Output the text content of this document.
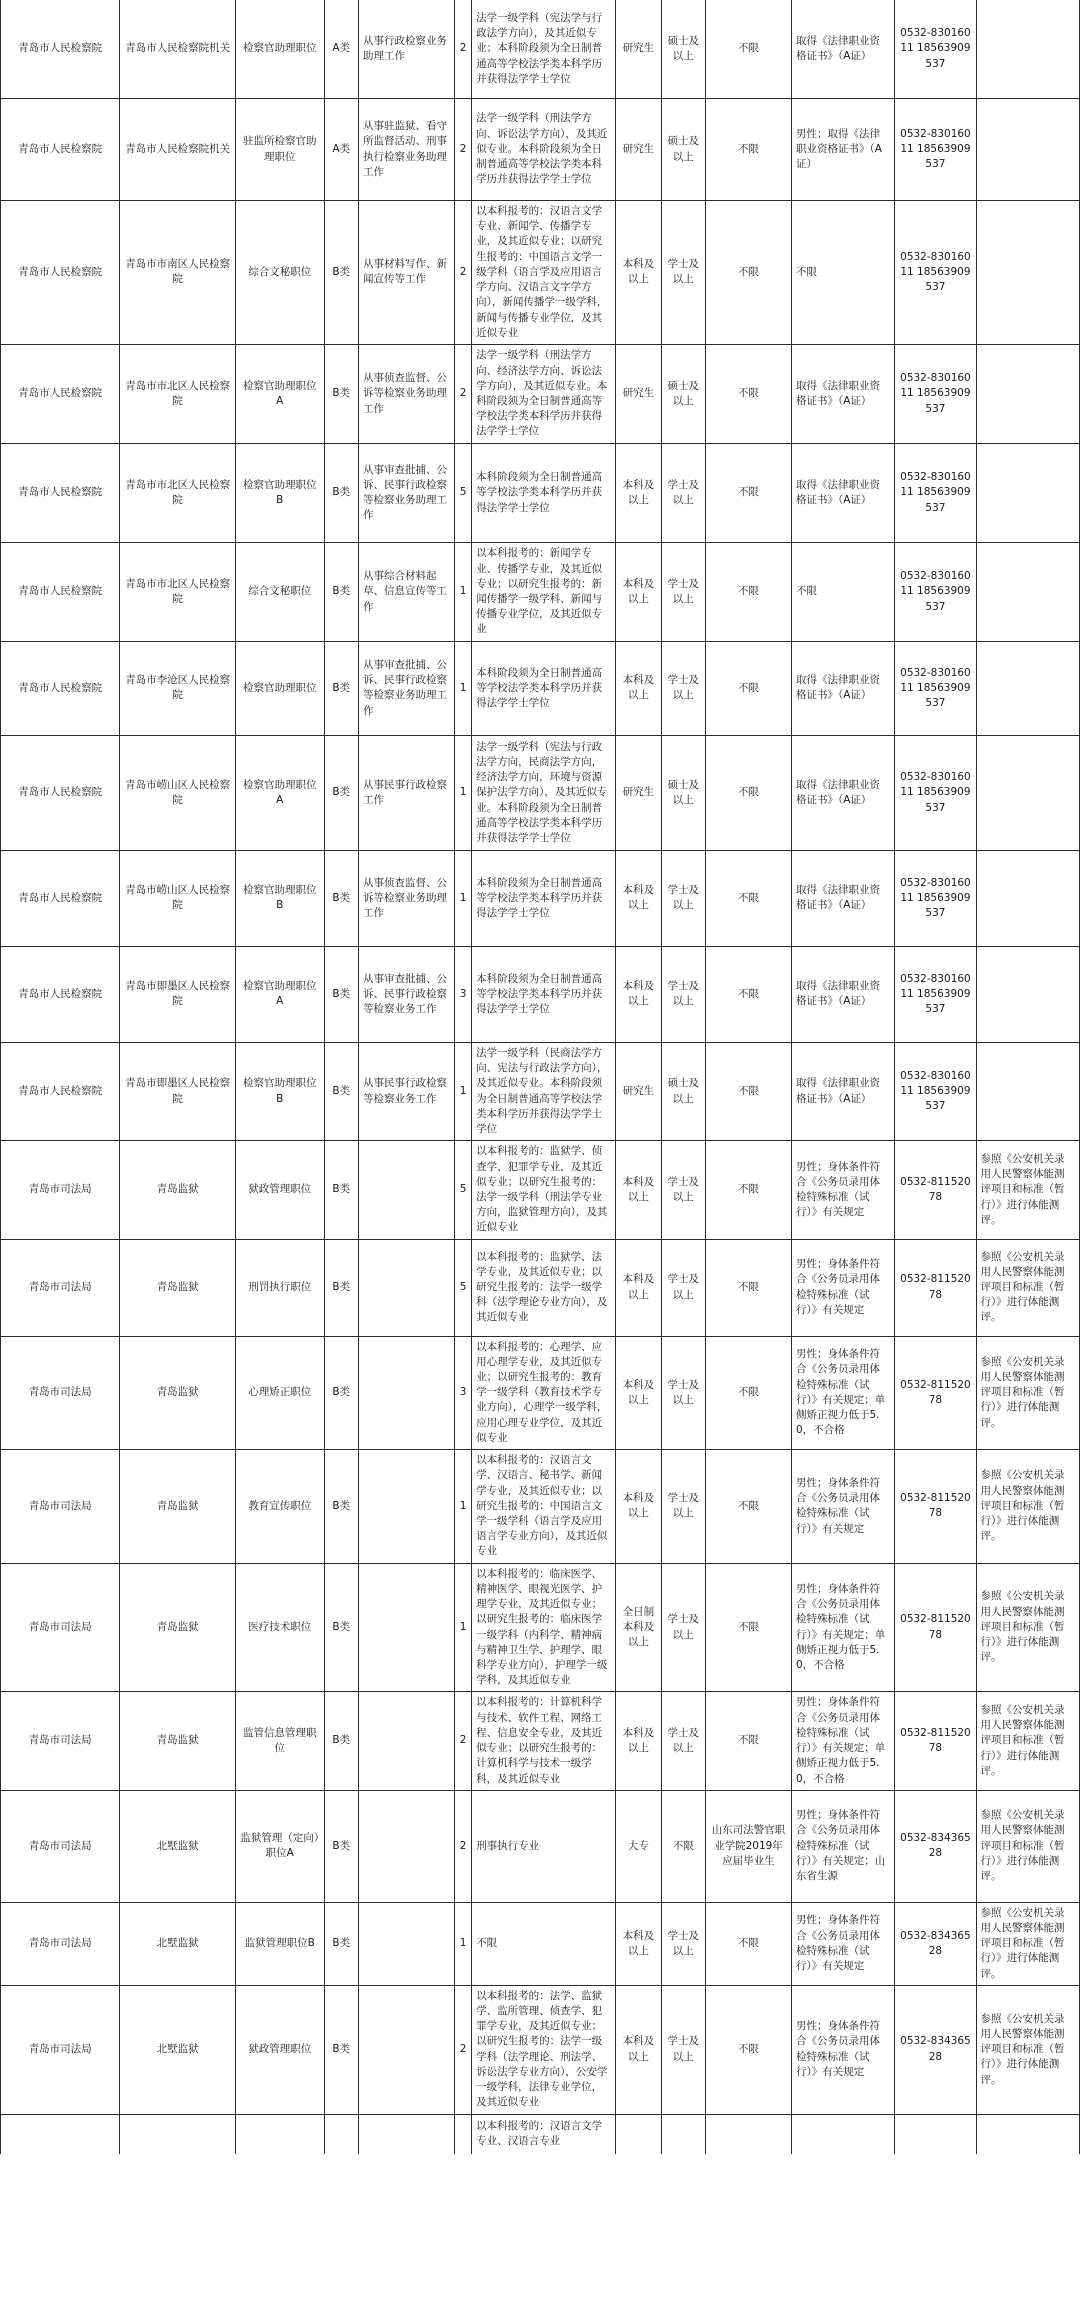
青岛市人民检察院	青岛市人民检察院机关	检察官助理职位	A类	从事行政检察业务助理工作	2	法学一级学科（宪法学与行政法学方向），及其近似专业；本科阶段须为全日制普通高等学校法学类本科学历并获得法学学士学位	研究生	硕士及以上	不限	取得《法律职业资格证书》（A证）	0532-83016011 18563909537	
青岛市人民检察院	青岛市人民检察院机关	驻监所检察官助理职位	A类	从事驻监狱、看守所监督活动、刑事执行检察业务助理工作	2	法学一级学科（刑法学方向、诉讼法学方向），及其近似专业。本科阶段须为全日制普通高等学校法学类本科学历并获得法学学士学位	研究生	硕士及以上	不限	男性；取得《法律职业资格证书》（A证）	0532-83016011 18563909537	
青岛市人民检察院	青岛市市南区人民检察院	综合文秘职位	B类	从事材料写作、新闻宣传等工作	2	以本科报考的：汉语言文学专业、新闻学、传播学专业，及其近似专业；以研究生报考的：中国语言文学一级学科（语言学及应用语言学方向、汉语言文字学方向），新闻传播学一级学科，新闻与传播专业学位，及其近似专业	本科及以上	学士及以上	不限	不限	0532-83016011 18563909537	
青岛市人民检察院	青岛市市北区人民检察院	检察官助理职位A	B类	从事侦查监督、公诉等检察业务助理工作	2	法学一级学科（刑法学方向、经济法学方向、诉讼法学方向），及其近似专业。本科阶段须为全日制普通高等学校法学类本科学历并获得法学学士学位	研究生	硕士及以上	不限	取得《法律职业资格证书》（A证）	0532-83016011 18563909537	
青岛市人民检察院	青岛市市北区人民检察院	检察官助理职位B	B类	从事审查批捕、公诉、民事行政检察等检察业务助理工作	5	本科阶段须为全日制普通高等学校法学类本科学历并获得法学学士学位	本科及以上	学士及以上	不限	取得《法律职业资格证书》（A证）	0532-83016011 18563909537	
青岛市人民检察院	青岛市市北区人民检察院	综合文秘职位	B类	从事综合材料起草、信息宣传等工作	1	以本科报考的：新闻学专业、传播学专业，及其近似专业；以研究生报考的：新闻传播学一级学科、新闻与传播专业学位，及其近似专业	本科及以上	学士及以上	不限	不限	0532-83016011 18563909537	
青岛市人民检察院	青岛市李沧区人民检察院	检察官助理职位	B类	从事审查批捕、公诉、民事行政检察等检察业务助理工作	1	本科阶段须为全日制普通高等学校法学类本科学历并获得法学学士学位	本科及以上	学士及以上	不限	取得《法律职业资格证书》（A证）	0532-83016011 18563909537	
青岛市人民检察院	青岛市崂山区人民检察院	检察官助理职位A	B类	从事民事行政检察工作	1	法学一级学科（宪法与行政法学方向，民商法学方向，经济法学方向，环境与资源保护法学方向），及其近似专业。本科阶段须为全日制普通高等学校法学类本科学历并获得法学学士学位	研究生	硕士及以上	不限	取得《法律职业资格证书》（A证）	0532-83016011 18563909537	
青岛市人民检察院	青岛市崂山区人民检察院	检察官助理职位B	B类	从事侦查监督、公诉等检察业务助理工作	1	本科阶段须为全日制普通高等学校法学类本科学历并获得法学学士学位	本科及以上	学士及以上	不限	取得《法律职业资格证书》（A证）	0532-83016011 18563909537	
青岛市人民检察院	青岛市即墨区人民检察院	检察官助理职位A	B类	从事审查批捕、公诉、民事行政检察等检察业务工作	3	本科阶段须为全日制普通高等学校法学类本科学历并获得法学学士学位	本科及以上	学士及以上	不限	取得《法律职业资格证书》（A证）	0532-83016011 18563909537	
青岛市人民检察院	青岛市即墨区人民检察院	检察官助理职位B	B类	从事民事行政检察等检察业务工作	1	法学一级学科（民商法学方向、宪法与行政法学方向），及其近似专业。本科阶段须为全日制普通高等学校法学类本科学历并获得法学学士学位	研究生	硕士及以上	不限	取得《法律职业资格证书》（A证）	0532-83016011 18563909537	
青岛市司法局	青岛监狱	狱政管理职位	B类		5	以本科报考的：监狱学、侦查学、犯罪学专业，及其近似专业；以研究生报考的：法学一级学科（刑法学专业方向，监狱管理方向），及其近似专业	本科及以上	学士及以上	不限	男性；身体条件符合《公务员录用体检特殊标准（试行）》有关规定	0532-81152078	参照《公安机关录用人民警察体能测评项目和标准（暂行）》进行体能测评。
青岛市司法局	青岛监狱	刑罚执行职位	B类		5	以本科报考的：监狱学、法学专业，及其近似专业；以研究生报考的：法学一级学科（法学理论专业方向），及其近似专业	本科及以上	学士及以上	不限	男性；身体条件符合《公务员录用体检特殊标准（试行）》有关规定	0532-81152078	参照《公安机关录用人民警察体能测评项目和标准（暂行）》进行体能测评。
青岛市司法局	青岛监狱	心理矫正职位	B类		3	以本科报考的：心理学、应用心理学专业，及其近似专业；以研究生报考的：教育学一级学科（教育技术学专业方向），心理学一级学科，应用心理专业学位，及其近似专业	本科及以上	学士及以上	不限	男性；身体条件符合《公务员录用体检特殊标准（试行）》有关规定；单侧矫正视力低于5.0，不合格	0532-81152078	参照《公安机关录用人民警察体能测评项目和标准（暂行）》进行体能测评。
青岛市司法局	青岛监狱	教育宣传职位	B类		1	以本科报考的：汉语言文学、汉语言、秘书学、新闻学专业，及其近似专业；以研究生报考的：中国语言文学一级学科（语言学及应用语言学专业方向），及其近似专业	本科及以上	学士及以上	不限	男性；身体条件符合《公务员录用体检特殊标准（试行）》有关规定	0532-81152078	参照《公安机关录用人民警察体能测评项目和标准（暂行）》进行体能测评。
青岛市司法局	青岛监狱	医疗技术职位	B类		1	以本科报考的：临床医学、精神医学、眼视光医学、护理学专业，及其近似专业；以研究生报考的：临床医学一级学科（内科学、精神病与精神卫生学、护理学、眼科学专业方向），护理学一级学科，及其近似专业	全日制本科及以上	学士及以上	不限	男性；身体条件符合《公务员录用体检特殊标准（试行）》有关规定；单侧矫正视力低于5.0，不合格	0532-81152078	参照《公安机关录用人民警察体能测评项目和标准（暂行）》进行体能测评。
青岛市司法局	青岛监狱	监管信息管理职位	B类		2	以本科报考的：计算机科学与技术、软件工程、网络工程、信息安全专业，及其近似专业；以研究生报考的：计算机科学与技术一级学科，及其近似专业	本科及以上	学士及以上	不限	男性；身体条件符合《公务员录用体检特殊标准（试行）》有关规定；单侧矫正视力低于5.0，不合格	0532-81152078	参照《公安机关录用人民警察体能测评项目和标准（暂行）》进行体能测评。
青岛市司法局	北墅监狱	监狱管理（定向）职位A	B类		2	刑事执行专业	大专	不限	山东司法警官职业学院2019年应届毕业生	男性；身体条件符合《公务员录用体检特殊标准（试行）》有关规定；山东省生源	0532-83436528	参照《公安机关录用人民警察体能测评项目和标准（暂行）》进行体能测评。
青岛市司法局	北墅监狱	监狱管理职位B	B类		1	不限	本科及以上	学士及以上	不限	男性；身体条件符合《公务员录用体检特殊标准（试行）》有关规定	0532-83436528	参照《公安机关录用人民警察体能测评项目和标准（暂行）》进行体能测评。
青岛市司法局	北墅监狱	狱政管理职位	B类		2	以本科报考的：法学、监狱学、监所管理、侦查学、犯罪学专业，及其近似专业；以研究生报考的：法学一级学科（法学理论、刑法学、诉讼法学专业方向），公安学一级学科，法律专业学位，及其近似专业	本科及以上	学士及以上	不限	男性；身体条件符合《公务员录用体检特殊标准（试行）》有关规定	0532-83436528	参照《公安机关录用人民警察体能测评项目和标准（暂行）》进行体能测评。
						以本科报考的：汉语言文学专业、汉语言专业						
